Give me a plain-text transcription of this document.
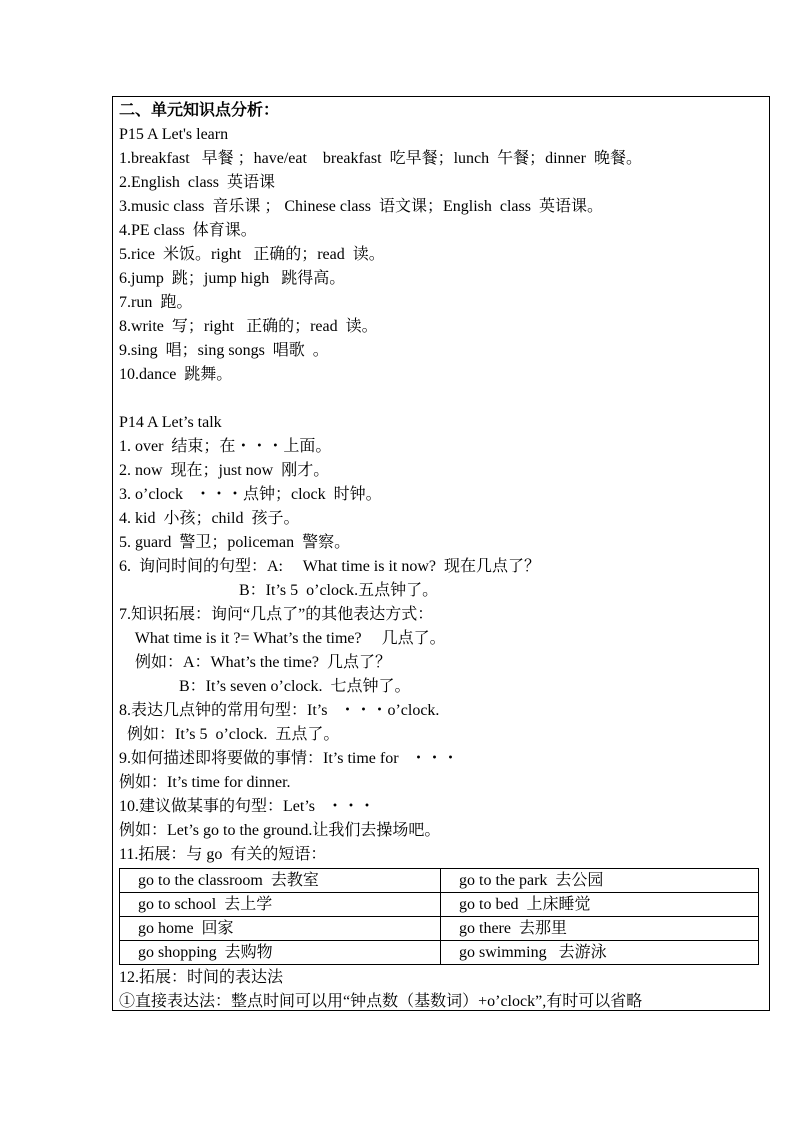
二、单元知识点分析：
P15 A Let's learn
1.breakfast   早餐 ；have/eat    breakfast  吃早餐；lunch  午餐；dinner  晚餐。
2.English  class  英语课
3.music class  音乐课 ； Chinese class  语文课；English  class  英语课。
4.PE class  体育课。
5.rice  米饭。right   正确的；read  读。
6.jump  跳；jump high   跳得高。
7.run  跑。
8.write  写；right   正确的；read  读。
9.sing  唱；sing songs  唱歌  。
10.dance  跳舞。
P14 A Let’s talk
1. over  结束；在・・・上面。
2. now  现在；just now  刚才。
3. o’clock   ・・・点钟；clock  时钟。
4. kid  小孩；child  孩子。
5. guard  警卫；policeman  警察。
6.  询问时间的句型：A:     What time is it now?  现在几点了？
B：It’s 5  o’clock.五点钟了。
7.知识拓展：询问“几点了”的其他表达方式：
What time is it ?= What’s the time?     几点了。
例如：A：What’s the time?  几点了？
B：It’s seven o’clock.  七点钟了。
8.表达几点钟的常用句型：It’s   ・・・o’clock.
例如：It’s 5  o’clock.  五点了。
9.如何描述即将要做的事情：It’s time for   ・・・
例如：It’s time for dinner.
10.建议做某事的句型：Let’s   ・・・
例如：Let’s go to the ground.让我们去操场吧。
11.拓展：与 go  有关的短语：
go to the classroom  去教室	go to the park  去公园
go to school  去上学	go to bed  上床睡觉
go home  回家	go there  去那里
go shopping  去购物	go swimming   去游泳
12.拓展：时间的表达法
①直接表达法：整点时间可以用“钟点数（基数词）+o’clock”,有时可以省略
